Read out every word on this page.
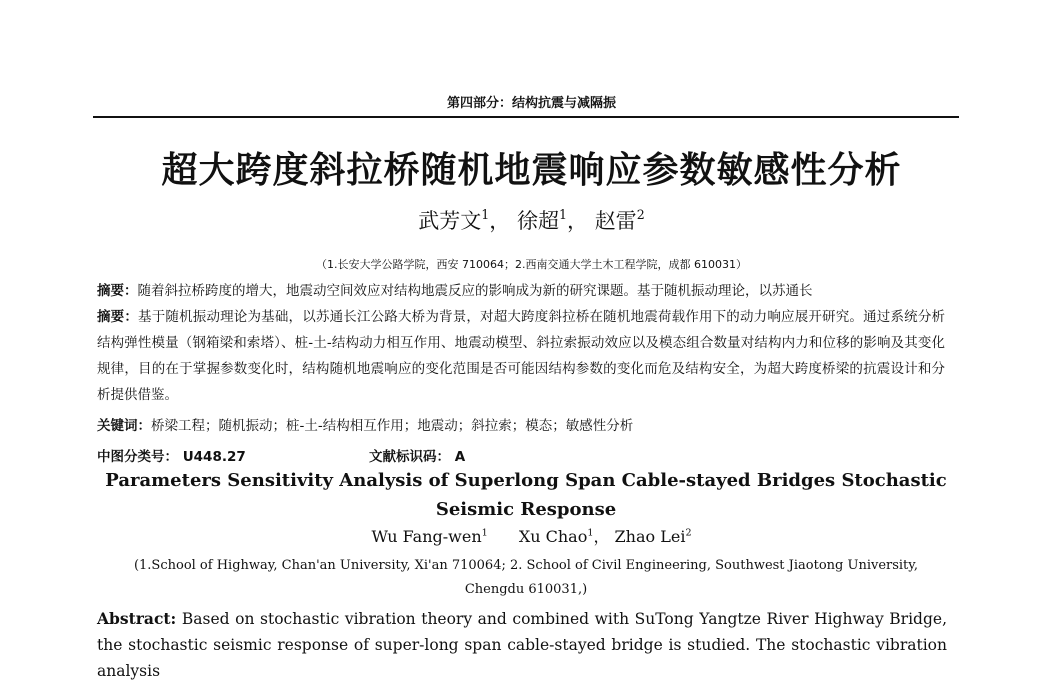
第四部分：结构抗震与减隔振
超大跨度斜拉桥随机地震响应参数敏感性分析
武芳文$^1$， 徐超$^1$， 赵雷$^2$
（1.长安大学公路学院，西安 710064；2.西南交通大学土木工程学院，成都 610031）
摘要：随着斜拉桥跨度的增大，地震动空间效应对结构地震反应的影响成为新的研究课题。基于随机振动理论，以苏通长
摘要：基于随机振动理论为基础，以苏通长江公路大桥为背景，对超大跨度斜拉桥在随机地震荷载作用下的动力响应展开研究。通过系统分析结构弹性模量（钢箱梁和索塔）、桩-土-结构动力相互作用、地震动模型、斜拉索振动效应以及模态组合数量对结构内力和位移的影响及其变化规律，目的在于掌握参数变化时，结构随机地震响应的变化范围是否可能因结构参数的变化而危及结构安全，为超大跨度桥梁的抗震设计和分析提供借鉴。
关键词：桥梁工程；随机振动；桩-土-结构相互作用；地震动；斜拉索；模态；敏感性分析
中图分类号： U448.27	文献标识码： A
Parameters Sensitivity Analysis of Superlong Span Cable-stayed Bridges Stochastic Seismic Response
Wu Fang-wen$^1$ Xu Chao$^1$， Zhao Lei$^2$
(1.School of Highway, Chan'an University, Xi'an 710064; 2. School of Civil Engineering, Southwest Jiaotong University, Chengdu 610031,)
Abstract: Based on stochastic vibration theory and combined with SuTong Yangtze River Highway Bridge, the stochastic seismic response of super-long span cable-stayed bridge is studied. The stochastic vibration analysis
